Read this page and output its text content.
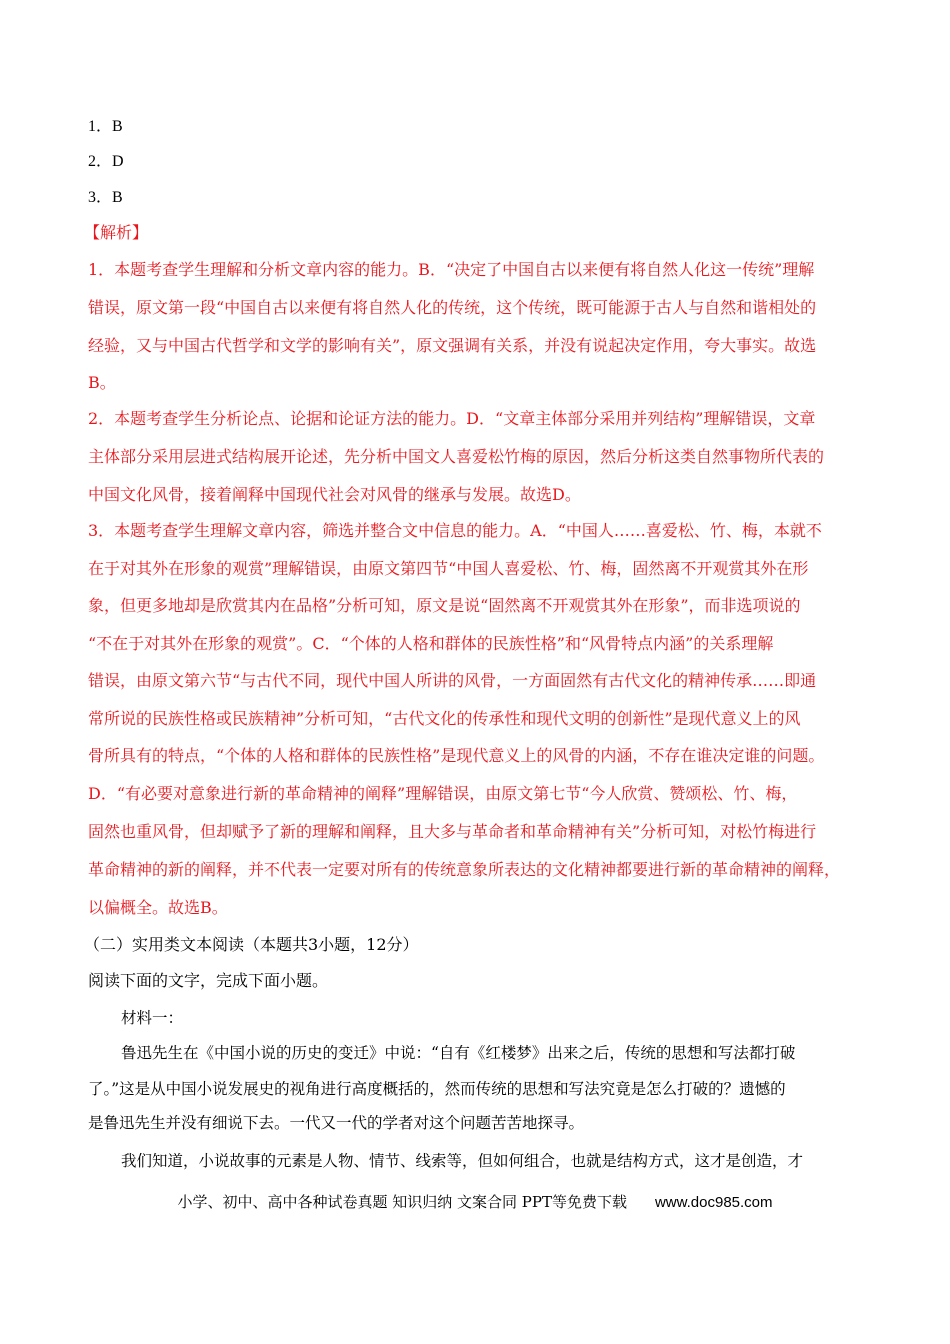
1．B
2．D
3．B
【解析】
1．本题考查学生理解和分析文章内容的能力。B．“决定了中国自古以来便有将自然人化这一传统”理解
错误，原文第一段“中国自古以来便有将自然人化的传统，这个传统，既可能源于古人与自然和谐相处的
经验，又与中国古代哲学和文学的影响有关”，原文强调有关系，并没有说起决定作用，夸大事实。故选
B。
2．本题考查学生分析论点、论据和论证方法的能力。D．“文章主体部分采用并列结构”理解错误，文章
主体部分采用层进式结构展开论述，先分析中国文人喜爱松竹梅的原因，然后分析这类自然事物所代表的
中国文化风骨，接着阐释中国现代社会对风骨的继承与发展。故选D。
3．本题考查学生理解文章内容，筛选并整合文中信息的能力。A．“中国人……喜爱松、竹、梅，本就不
在于对其外在形象的观赏”理解错误，由原文第四节“中国人喜爱松、竹、梅，固然离不开观赏其外在形
象，但更多地却是欣赏其内在品格”分析可知，原文是说“固然离不开观赏其外在形象”，而非选项说的
“不在于对其外在形象的观赏”。C．“个体的人格和群体的民族性格”和“风骨特点内涵”的关系理解
错误，由原文第六节“与古代不同，现代中国人所讲的风骨，一方面固然有古代文化的精神传承……即通
常所说的民族性格或民族精神”分析可知，“古代文化的传承性和现代文明的创新性”是现代意义上的风
骨所具有的特点，“个体的人格和群体的民族性格”是现代意义上的风骨的内涵，不存在谁决定谁的问题。
D．“有必要对意象进行新的革命精神的阐释”理解错误，由原文第七节“今人欣赏、赞颂松、竹、梅，
固然也重风骨，但却赋予了新的理解和阐释，且大多与革命者和革命精神有关”分析可知，对松竹梅进行
革命精神的新的阐释，并不代表一定要对所有的传统意象所表达的文化精神都要进行新的革命精神的阐释，
以偏概全。故选B。
（二）实用类文本阅读（本题共3小题，12分）
阅读下面的文字，完成下面小题。
材料一：
鲁迅先生在《中国小说的历史的变迁》中说：“自有《红楼梦》出来之后，传统的思想和写法都打破
了。”这是从中国小说发展史的视角进行高度概括的，然而传统的思想和写法究竟是怎么打破的？遗憾的
是鲁迅先生并没有细说下去。一代又一代的学者对这个问题苦苦地探寻。
我们知道，小说故事的元素是人物、情节、线索等，但如何组合，也就是结构方式，这才是创造，才
小学、初中、高中各种试卷真题 知识归纳 文案合同 PPT等免费下载 www.doc985.com
